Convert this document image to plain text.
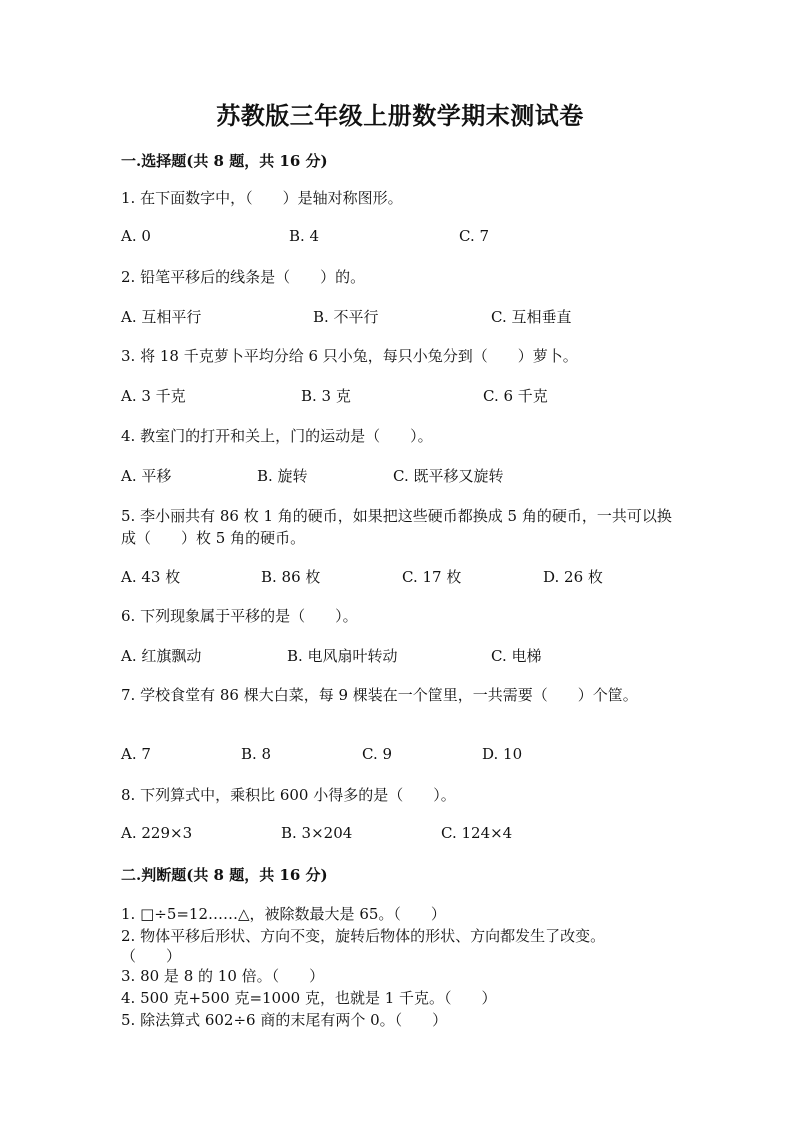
苏教版三年级上册数学期末测试卷
一.选择题(共 8 题，共 16 分)
1. 在下面数字中，（　　）是轴对称图形。
A. 0	B. 4	C. 7
2. 铅笔平移后的线条是（　　）的。
A. 互相平行	B. 不平行	C. 互相垂直
3. 将 18 千克萝卜平均分给 6 只小兔，每只小兔分到（　　）萝卜。
A. 3 千克	B. 3 克	C. 6 千克
4. 教室门的打开和关上，门的运动是（　　）。
A. 平移	B. 旋转	C. 既平移又旋转
5. 李小丽共有 86 枚 1 角的硬币，如果把这些硬币都换成 5 角的硬币，一共可以换成（　　）枚 5 角的硬币。
A. 43 枚	B. 86 枚	C. 17 枚	D. 26 枚
6. 下列现象属于平移的是（　　）。
A. 红旗飘动	B. 电风扇叶转动	C. 电梯
7. 学校食堂有 86 棵大白菜，每 9 棵装在一个筐里，一共需要（　　）个筐。
A. 7	B. 8	C. 9	D. 10
8. 下列算式中，乘积比 600 小得多的是（　　）。
A. 229×3	B. 3×204	C. 124×4
二.判断题(共 8 题，共 16 分)
1. □÷5=12……△，被除数最大是 65。（　　）
2. 物体平移后形状、方向不变，旋转后物体的形状、方向都发生了改变。（　　）
3. 80 是 8 的 10 倍。（　　）
4. 500 克+500 克=1000 克，也就是 1 千克。（　　）
5. 除法算式 602÷6 商的末尾有两个 0。（　　）
